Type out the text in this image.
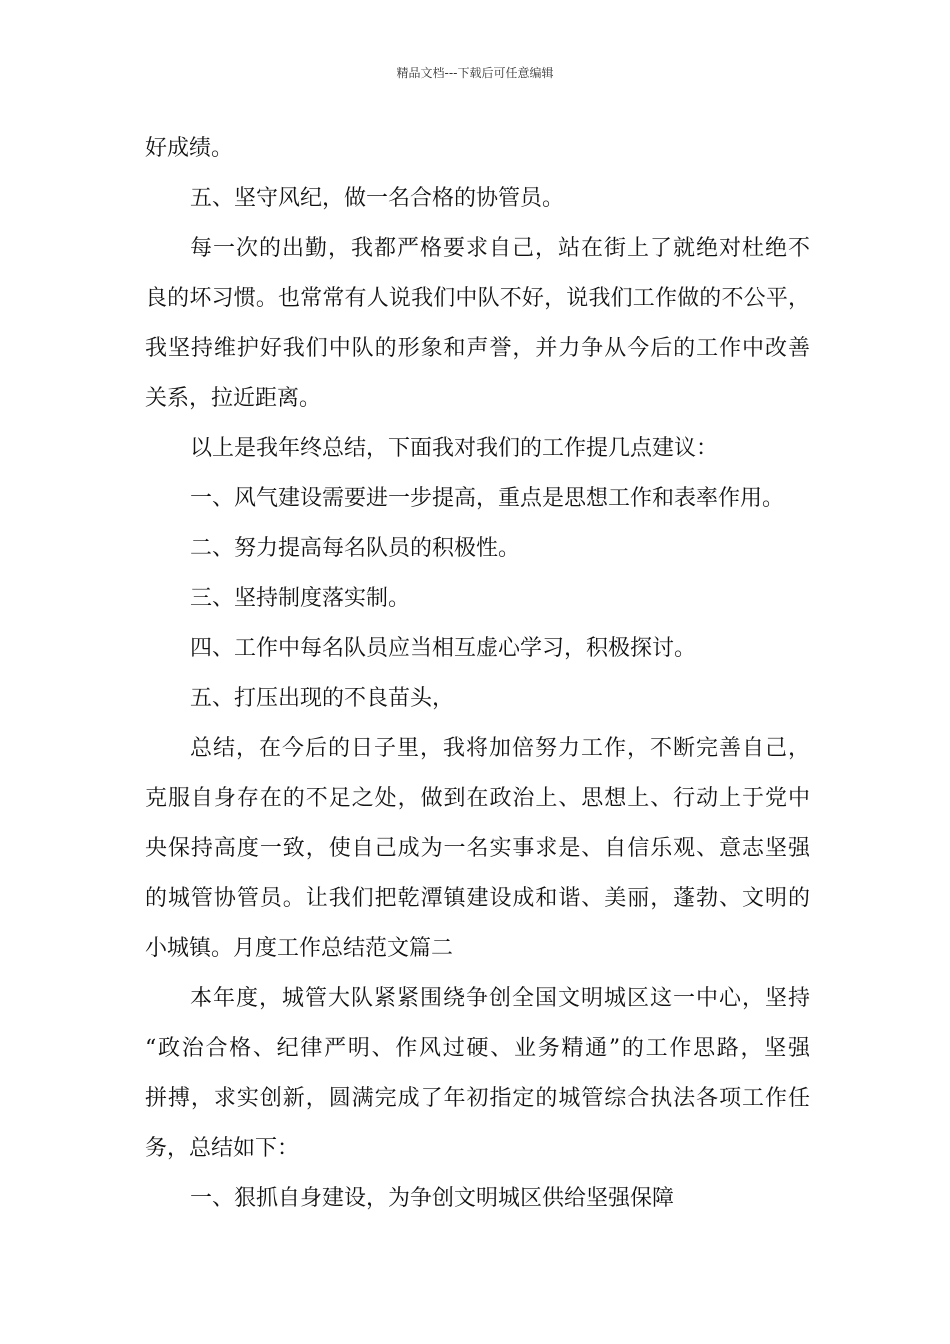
精品文档---下载后可任意编辑
好成绩。
五、坚守风纪，做一名合格的协管员。
每一次的出勤，我都严格要求自己，站在街上了就绝对杜绝不
良的坏习惯。也常常有人说我们中队不好，说我们工作做的不公平，
我坚持维护好我们中队的形象和声誉，并力争从今后的工作中改善
关系，拉近距离。
以上是我年终总结，下面我对我们的工作提几点建议：
一、风气建设需要进一步提高，重点是思想工作和表率作用。
二、努力提高每名队员的积极性。
三、坚持制度落实制。
四、工作中每名队员应当相互虚心学习，积极探讨。
五、打压出现的不良苗头，
总结，在今后的日子里，我将加倍努力工作，不断完善自己，
克服自身存在的不足之处，做到在政治上、思想上、行动上于党中
央保持高度一致，使自己成为一名实事求是、自信乐观、意志坚强
的城管协管员。让我们把乾潭镇建设成和谐、美丽，蓬勃、文明的
小城镇。月度工作总结范文篇二
本年度，城管大队紧紧围绕争创全国文明城区这一中心，坚持
“政治合格、纪律严明、作风过硬、业务精通”的工作思路，坚强
拼搏，求实创新，圆满完成了年初指定的城管综合执法各项工作任
务，总结如下：
一、狠抓自身建设，为争创文明城区供给坚强保障
